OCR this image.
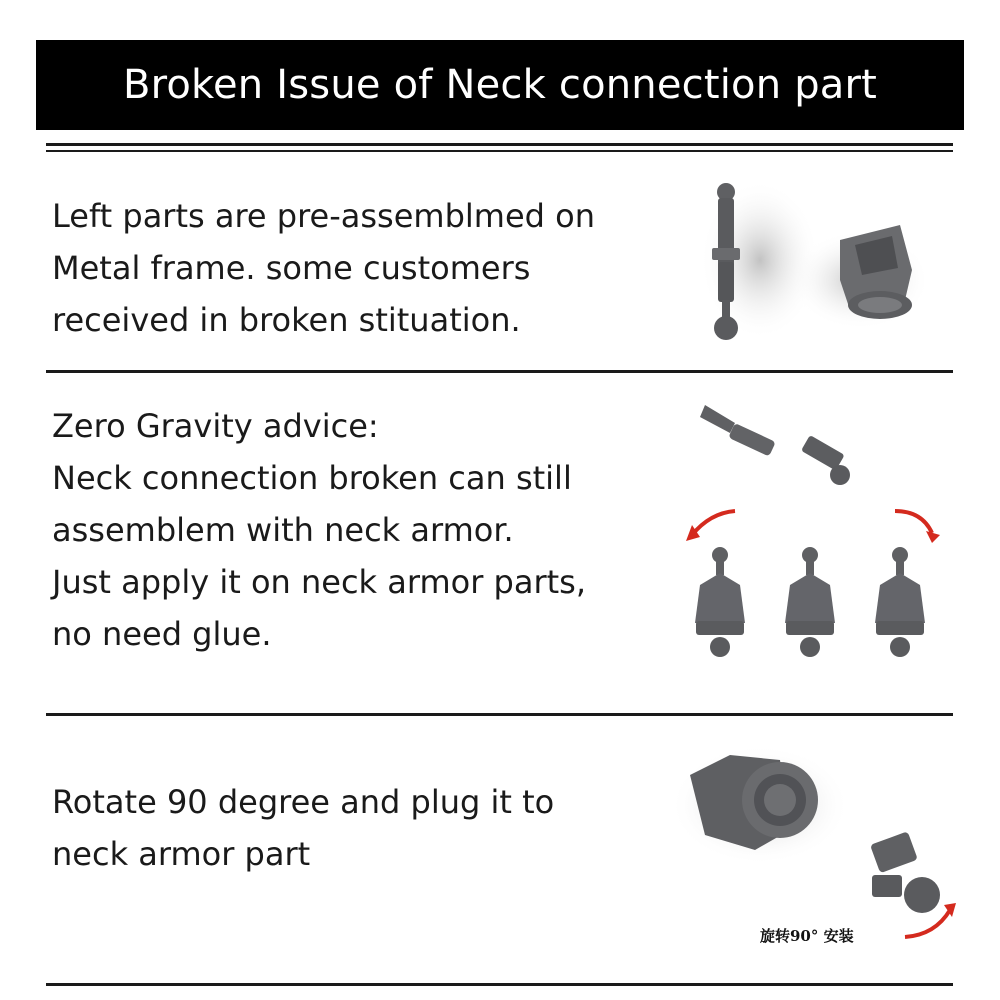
Broken Issue of Neck connection part
Left parts are pre-assemblmed on
Metal frame. some customers
received in broken stituation.
Zero Gravity advice:
Neck connection broken can still
assemblem with neck armor.
Just apply it on neck armor parts,
no need glue.
Rotate 90 degree and plug it to
neck armor part
旋转90° 安装
